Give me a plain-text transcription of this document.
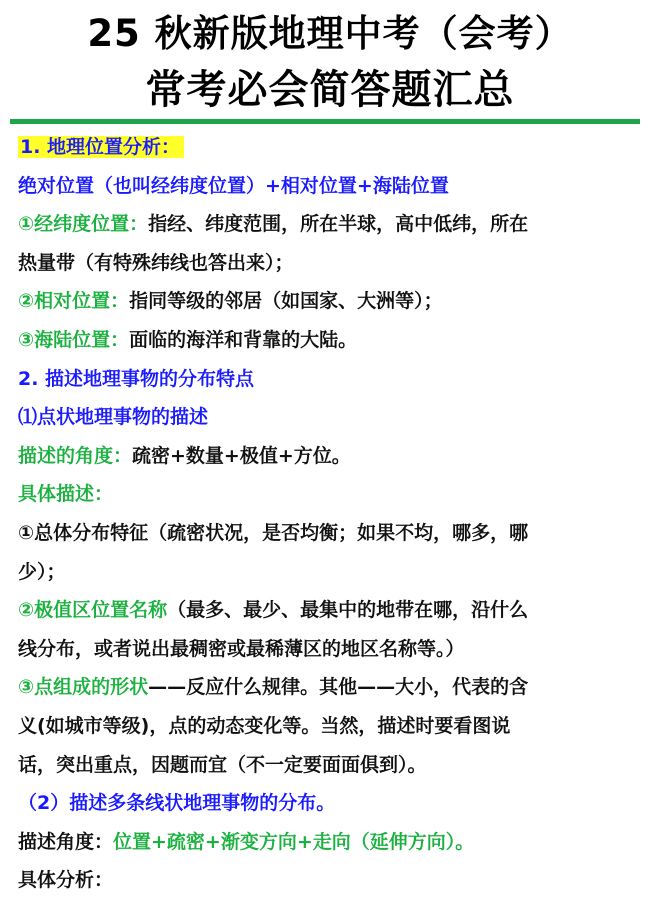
25 秋新版地理中考（会考）
常考必会简答题汇总
1. 地理位置分析：
绝对位置（也叫经纬度位置）+相对位置+海陆位置
①经纬度位置：指经、纬度范围，所在半球，高中低纬，所在
热量带（有特殊纬线也答出来）；
②相对位置：指同等级的邻居（如国家、大洲等）；
③海陆位置：面临的海洋和背靠的大陆。
2. 描述地理事物的分布特点
⑴点状地理事物的描述
描述的角度：疏密+数量+极值+方位。
具体描述：
①总体分布特征（疏密状况，是否均衡；如果不均，哪多，哪
少）；
②极值区位置名称（最多、最少、最集中的地带在哪，沿什么
线分布，或者说出最稠密或最稀薄区的地区名称等。）
③点组成的形状——反应什么规律。其他——大小，代表的含
义(如城市等级)，点的动态变化等。当然，描述时要看图说
话，突出重点，因题而宜（不一定要面面俱到）。
（2）描述多条线状地理事物的分布。
描述角度：位置+疏密+渐变方向+走向（延伸方向）。
具体分析：
